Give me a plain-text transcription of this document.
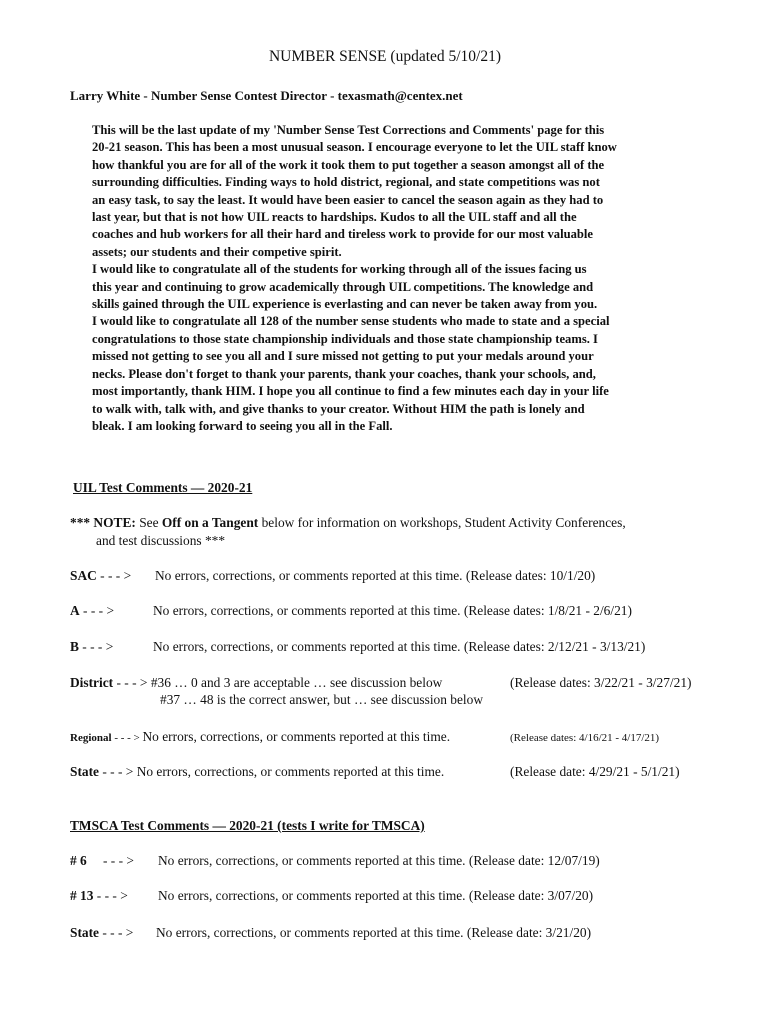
NUMBER SENSE (updated 5/10/21)
Larry White - Number Sense Contest Director - texasmath@centex.net
This will be the last update of my 'Number Sense Test Corrections and Comments' page for this
20-21 season. This has been a most unusual season. I encourage everyone to let the UIL staff know
how thankful you are for all of the work it took them to put together a season amongst all of the
surrounding difficulties. Finding ways to hold district, regional, and state competitions was not
an easy task, to say the least. It would have been easier to cancel the season again as they had to
last year, but that is not how UIL reacts to hardships. Kudos to all the UIL staff and all the
coaches and hub workers for all their hard and tireless work to provide for our most valuable
assets; our students and their competive spirit.
I would like to congratulate all of the students for working through all of the issues facing us
this year and continuing to grow academically through UIL competitions. The knowledge and
skills gained through the UIL experience is everlasting and can never be taken away from you.
I would like to congratulate all 128 of the number sense students who made to state and a special
congratulations to those state championship individuals and those state championship teams. I
missed not getting to see you all and I sure missed not getting to put your medals around your
necks. Please don't forget to thank your parents, thank your coaches, thank your schools, and,
most importantly, thank HIM. I hope you all continue to find a few minutes each day in your life
to walk with, talk with, and give thanks to your creator. Without HIM the path is lonely and
bleak. I am looking forward to seeing you all in the Fall.
UIL Test Comments — 2020-21
*** NOTE: See Off on a Tangent below for information on workshops, Student Activity Conferences,
and test discussions ***
SAC - - - > No errors, corrections, or comments reported at this time. (Release dates: 10/1/20)
A - - - >	No errors, corrections, or comments reported at this time. (Release dates: 1/8/21 - 2/6/21)
B - - - >	No errors, corrections, or comments reported at this time. (Release dates: 2/12/21 - 3/13/21)
District - - - > #36 … 0 and 3 are acceptable … see discussion below	(Release dates: 3/22/21 - 3/27/21)
#37 … 48 is the correct answer, but … see discussion below
Regional - - - > No errors, corrections, or comments reported at this time.	(Release dates: 4/16/21 - 4/17/21)
State - - - > No errors, corrections, or comments reported at this time.	(Release date: 4/29/21 - 5/1/21)
TMSCA Test Comments — 2020-21 (tests I write for TMSCA)
# 6 - - - > No errors, corrections, or comments reported at this time. (Release date: 12/07/19)
# 13 - - - > No errors, corrections, or comments reported at this time. (Release date: 3/07/20)
State - - - > No errors, corrections, or comments reported at this time. (Release date: 3/21/20)
